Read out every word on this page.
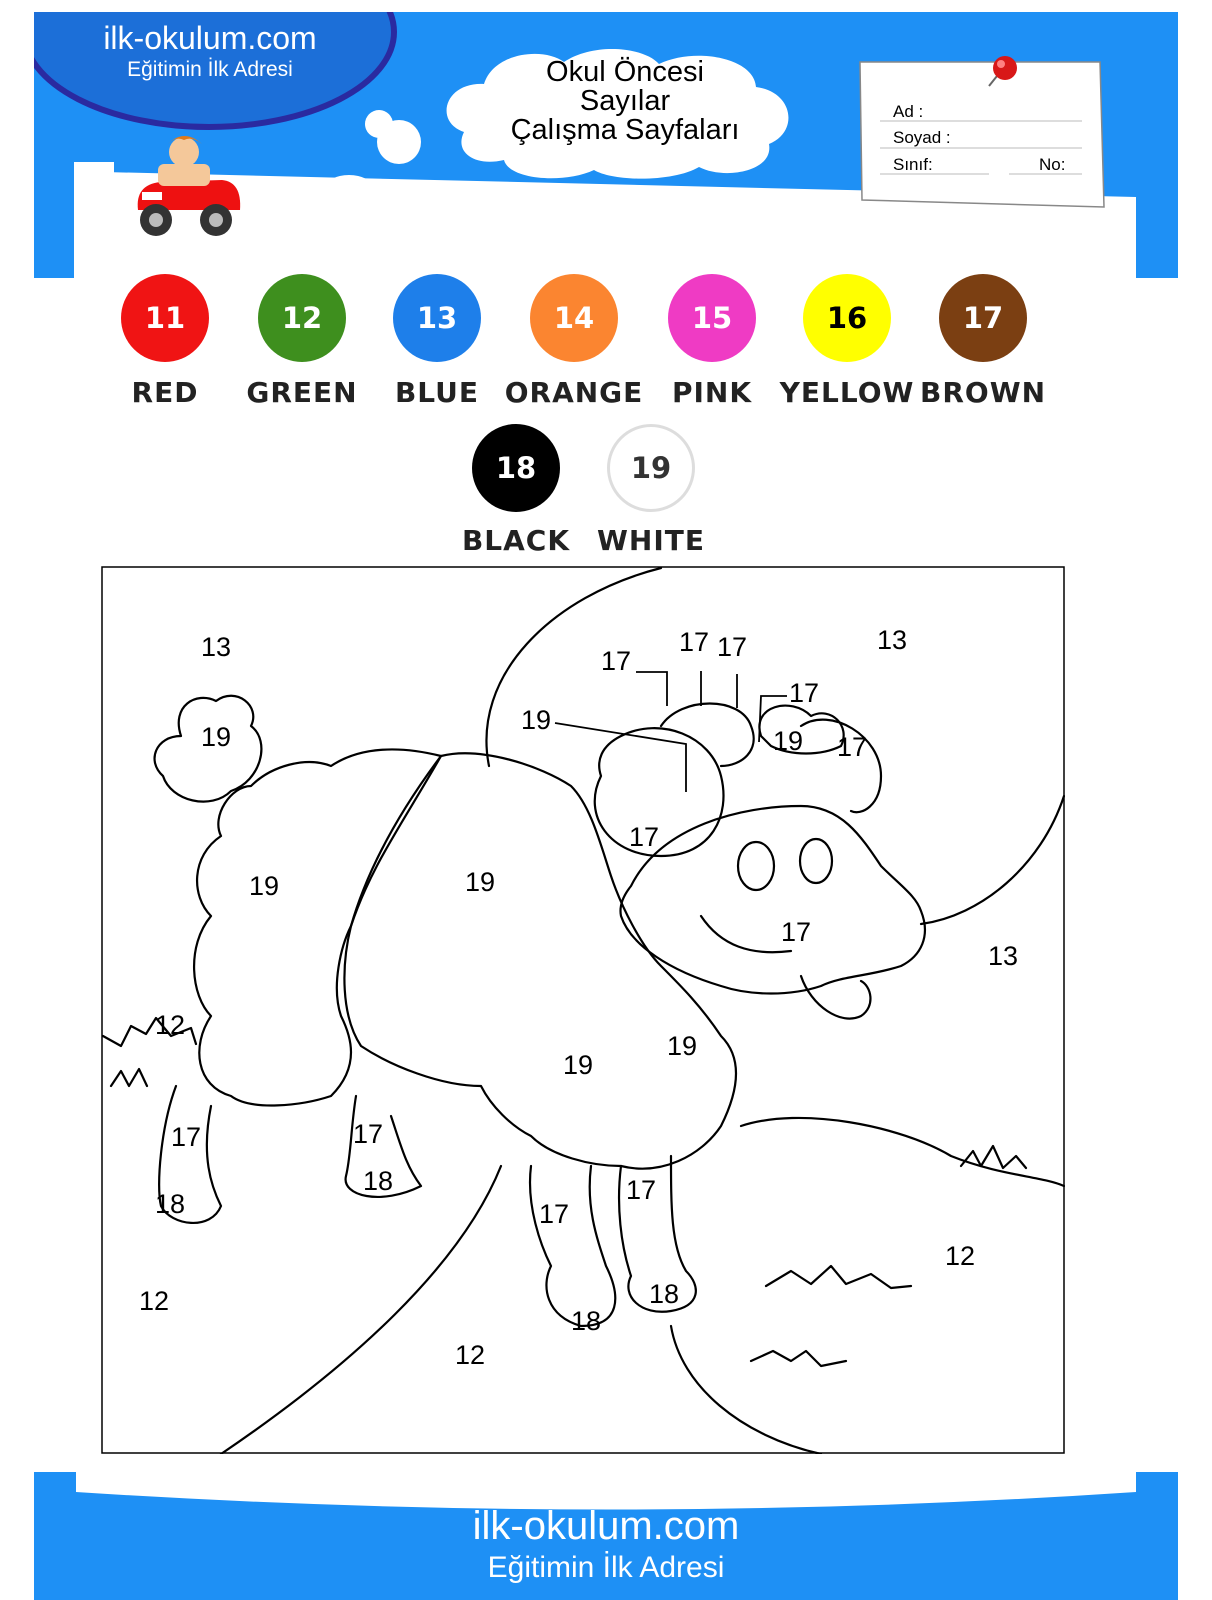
ilk-okulum.com
Eğitimin İlk Adresi	Okul Öncesi
Sayılar
Çalışma Sayfaları
Ad :
Soyad :
Sınıf:	No:
11
RED
12
GREEN
13
BLUE
14
ORANGE
15
PINK
16
YELLOW
17
BROWN
18
BLACK
19
WHITE
13	13
13
19
19	19
19
19
19
19
17
17 17
17
17
17
17
17	17
17
17
18
18
18
18
12
12
12
12
ilk-okulum.com
Eğitimin İlk Adresi
